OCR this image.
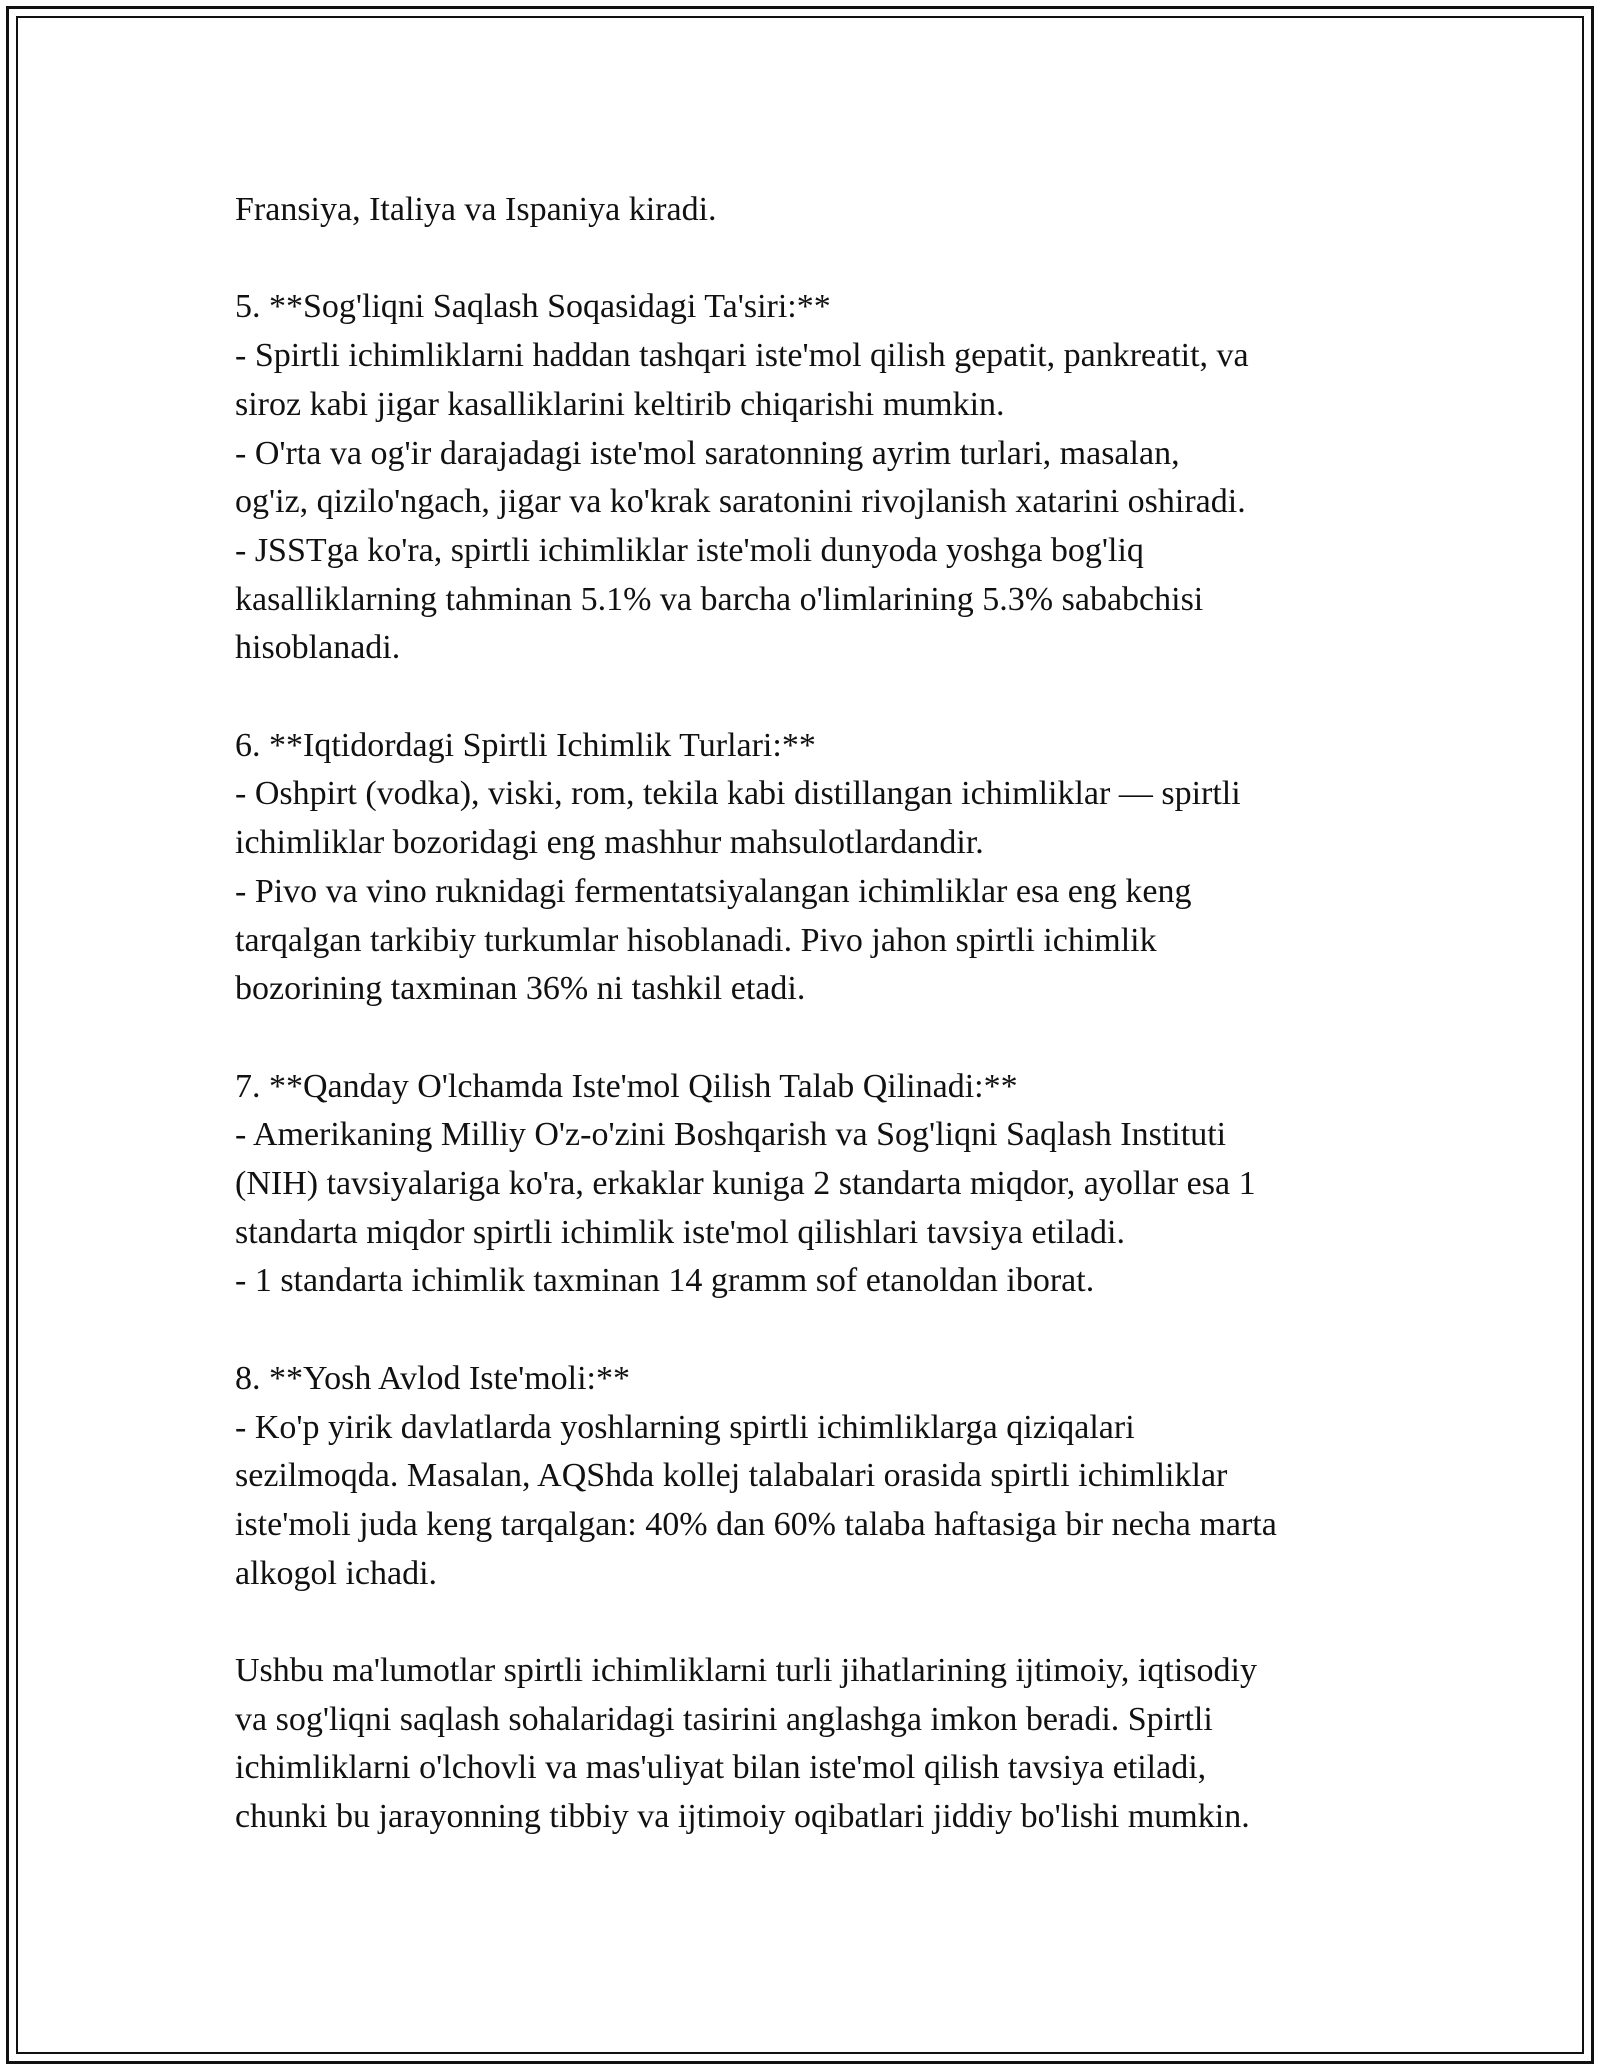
Fransiya, Italiya va Ispaniya kiradi.

5. **Sog'liqni Saqlash Soqasidagi Ta'siri:**

- Spirtli ichimliklarni haddan tashqari iste'mol qilish gepatit, pankreatit, va

siroz kabi jigar kasalliklarini keltirib chiqarishi mumkin.

- O'rta va og'ir darajadagi iste'mol saratonning ayrim turlari, masalan,

og'iz, qizilo'ngach, jigar va ko'krak saratonini rivojlanish xatarini oshiradi.

- JSSTga ko'ra, spirtli ichimliklar iste'moli dunyoda yoshga bog'liq

kasalliklarning tahminan 5.1% va barcha o'limlarining 5.3% sababchisi

hisoblanadi.

6. **Iqtidordagi Spirtli Ichimlik Turlari:**

- Oshpirt (vodka), viski, rom, tekila kabi distillangan ichimliklar — spirtli

ichimliklar bozoridagi eng mashhur mahsulotlardandir.

- Pivo va vino ruknidagi fermentatsiyalangan ichimliklar esa eng keng

tarqalgan tarkibiy turkumlar hisoblanadi. Pivo jahon spirtli ichimlik

bozorining taxminan 36% ni tashkil etadi.

7. **Qanday O'lchamda Iste'mol Qilish Talab Qilinadi:**

- Amerikaning Milliy O'z-o'zini Boshqarish va Sog'liqni Saqlash Instituti

(NIH) tavsiyalariga ko'ra, erkaklar kuniga 2 standarta miqdor, ayollar esa 1

standarta miqdor spirtli ichimlik iste'mol qilishlari tavsiya etiladi.

- 1 standarta ichimlik taxminan 14 gramm sof etanoldan iborat.

8. **Yosh Avlod Iste'moli:**

- Ko'p yirik davlatlarda yoshlarning spirtli ichimliklarga qiziqalari

sezilmoqda. Masalan, AQShda kollej talabalari orasida spirtli ichimliklar

iste'moli juda keng tarqalgan: 40% dan 60% talaba haftasiga bir necha marta

alkogol ichadi.

Ushbu ma'lumotlar spirtli ichimliklarni turli jihatlarining ijtimoiy, iqtisodiy

va sog'liqni saqlash sohalaridagi tasirini anglashga imkon beradi. Spirtli

ichimliklarni o'lchovli va mas'uliyat bilan iste'mol qilish tavsiya etiladi,

chunki bu jarayonning tibbiy va ijtimoiy oqibatlari jiddiy bo'lishi mumkin.
